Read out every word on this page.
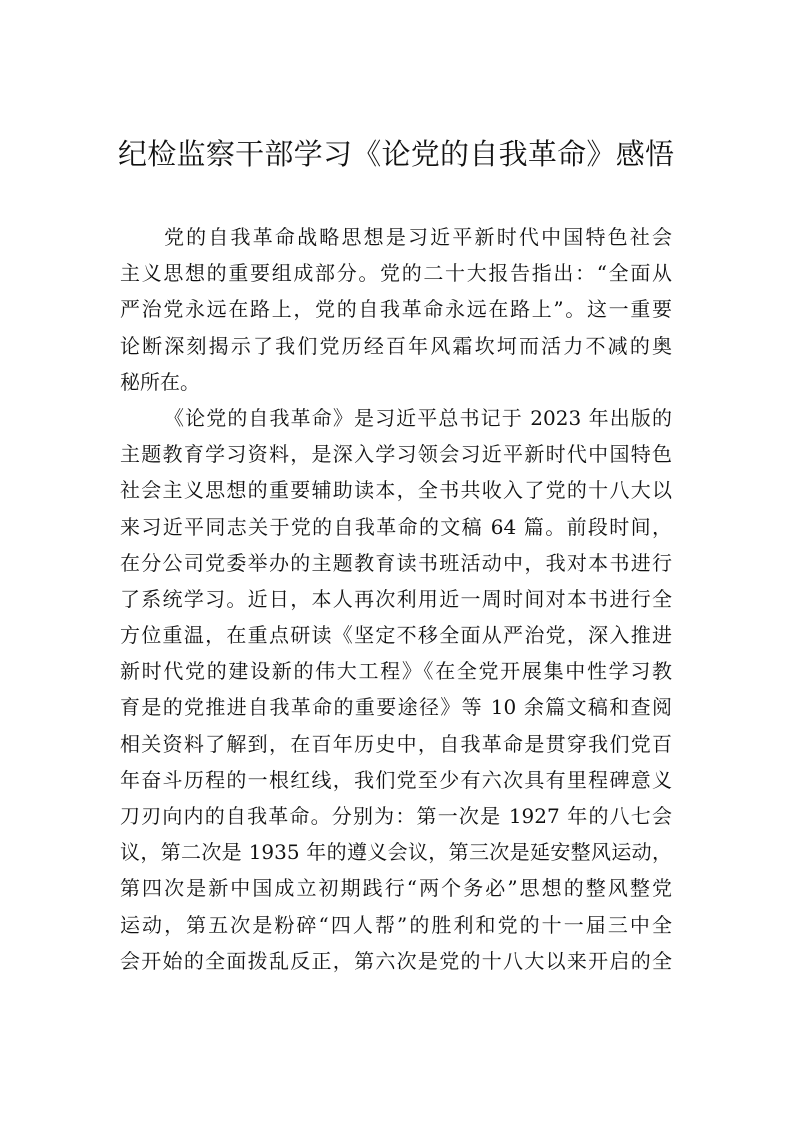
纪检监察干部学习《论党的自我革命》感悟
党的自我革命战略思想是习近平新时代中国特色社会
主义思想的重要组成部分。党的二十大报告指出：“全面从
严治党永远在路上，党的自我革命永远在路上”。这一重要
论断深刻揭示了我们党历经百年风霜坎坷而活力不减的奥
秘所在。
《论党的自我革命》是习近平总书记于 2023 年出版的
主题教育学习资料，是深入学习领会习近平新时代中国特色
社会主义思想的重要辅助读本，全书共收入了党的十八大以
来习近平同志关于党的自我革命的文稿 64 篇。前段时间，
在分公司党委举办的主题教育读书班活动中，我对本书进行
了系统学习。近日，本人再次利用近一周时间对本书进行全
方位重温，在重点研读《坚定不移全面从严治党，深入推进
新时代党的建设新的伟大工程》《在全党开展集中性学习教
育是的党推进自我革命的重要途径》等 10 余篇文稿和查阅
相关资料了解到，在百年历史中，自我革命是贯穿我们党百
年奋斗历程的一根红线，我们党至少有六次具有里程碑意义
刀刃向内的自我革命。分别为：第一次是 1927 年的八七会
议，第二次是 1935 年的遵义会议，第三次是延安整风运动，
第四次是新中国成立初期践行“两个务必”思想的整风整党
运动，第五次是粉碎“四人帮”的胜利和党的十一届三中全
会开始的全面拨乱反正，第六次是党的十八大以来开启的全
